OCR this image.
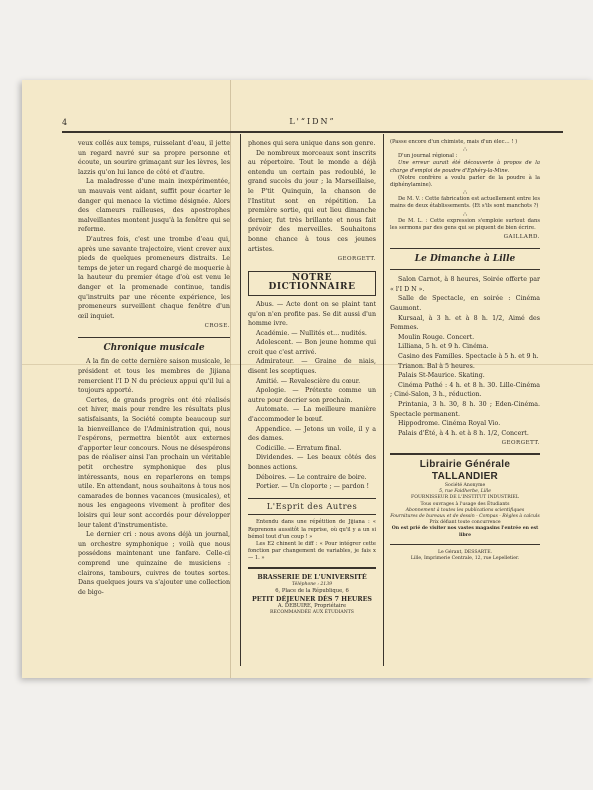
4	L'“IDN”

veux collés aux temps, ruisselant d'eau, il jette un regard navré sur sa propre personne et écoute, un sourire grimaçant sur les lèvres, les lazzis qu'on lui lance de côté et d'autre.

La maladresse d'une main inexpérimentée, un mauvais vent aidant, suffit pour écarter le danger qui menace la victime désignée. Alors des clameurs railleuses, des apostrophes malveillantes montent jusqu'à la fenêtre qui se referme.

D'autres fois, c'est une trombe d'eau qui, après une savante trajectoire, vient crever aux pieds de quelques promeneurs distraits. Le temps de jeter un regard chargé de moquerie à la hauteur du premier étage d'où est venu le danger et la promenade continue, tandis qu'instruits par une récente expérience, les promeneurs surveillent chaque fenêtre d'un œil inquiet.

CROSE.
Chronique musicale

A la fin de cette dernière saison musicale, le président et tous les membres de Jijiana remercient l'I D N du précieux appui qu'il lui a toujours apporté.

Certes, de grands progrès ont été réalisés cet hiver, mais pour rendre les résultats plus satisfaisants, la Société compte beaucoup sur la bienveillance de l'Administration qui, nous l'espérons, permettra bientôt aux externes d'apporter leur concours. Nous ne désespérons pas de réaliser ainsi l'an prochain un véritable petit orchestre symphonique des plus intéressants, nous en reparlerons en temps utile. En attendant, nous souhaitons à tous nos camarades de bonnes vacances (musicales), et nous les engageons vivement à profiter des loisirs qui leur sont accordés pour développer leur talent d'instrumentiste.

Le dernier cri : nous avons déjà un journal, un orchestre symphonique ; voilà que nous possédons maintenant une fanfare. Celle-ci comprend une quinzaine de musiciens : clairons, tambours, cuivres de toutes sortes. Dans quelques jours va s'ajouter une collection de bigo-

phones qui sera unique dans son genre.

De nombreux morceaux sont inscrits au répertoire. Tout le monde a déjà entendu un certain pas redoublé, le grand succès du jour ; la Marseillaise, le P'tit Quinquin, la chanson de l'Institut sont en répétition. La première sortie, qui eut lieu dimanche dernier, fut très brillante et nous fait prévoir des merveilles. Souhaitons bonne chance à tous ces jeunes artistes.

GEORGETT.
NOTRE DICTIONNAIRE

Abus. — Acte dont on se plaint tant qu'on n'en profite pas. Se dit aussi d'un homme ivre.

Académie. — Nullités et… nudités.

Adolescent. — Bon jeune homme qui croit que c'est arrivé.

Admirateur. — Graine de niais, disent les sceptiques.

Amitié. — Revalescière du cœur.

Apologie. — Prétexte comme un autre pour decrier son prochain.

Automate. — La meilleure manière d'accommoder le bœuf.

Appendice. — Jetons un voile, il y a des dames.

Codicille. — Erratum final.

Dividendes. — Les beaux côtés des bonnes actions.

Déboires. — Le contraire de boire.

Portier. — Un cloporte ; — pardon !

L'Esprit des Autres

Entendu dans une répétition de Jijiana : « Reprenons aussitôt la reprise, où qu'il y a un si bémol tout d'un coup ! »

Les E2 chinent le diff : « Pour intégrer cette fonction par changement de variables, je fais x — 1. »

BRASSERIE DE L'UNIVERSITÉ
Téléphone : 2139
6, Place de la République, 6
PETIT DÉJEUNER DÈS 7 HEURES
A. DEBUIRE, Propriétaire
RECOMMANDÉE AUX ÉTUDIANTS

(Passe encore d'un chimiste, mais d'un élec… ! )

∴

D'un journal régional :

Une erreur aurait été découverte à propos de la charge d'emploi de poudre d'Ephéry-la-Mine.

(Notre confrère a voulu parler de la poudre à la diphénylamine).

∴

De M. V. : Cette fabrication est actuellement entre les mains de deux établissements. (Et s'ils sont manchots ?)

∴

De M. L. : Cette expression s'emploie surtout dans les sermons par des gens qui se piquent de bien écrire.

GAILLARD.
Le Dimanche à Lille

Salon Carnot, à 8 heures, Soirée offerte par « l'I D N ».

Salle de Spectacle, en soirée : Cinéma Gaumont.

Kursaal, à 3 h. et à 8 h. 1/2, Aimé des Femmes.

Moulin Rouge. Concert.

Lilliana, 5 h. et 9 h. Cinéma.

Casino des Familles. Spectacle à 5 h. et 9 h.

Trianon. Bal à 5 heures.

Palais St-Maurice. Skating.

Cinéma Pathé : 4 h. et 8 h. 30. Lille-Cinéma ; Ciné-Salon, 3 h., réduction.

Printania, 3 h. 30, 8 h. 30 ; Eden-Cinéma. Spectacle permanent.

Hippodrome. Cinéma Royal Vio.

Palais d'Été, à 4 h. et à 8 h. 1/2, Concert.

GEORGETT.
Librairie Générale TALLANDIER
Société Anonyme
5, rue Faidherbe, Lille
FOURNISSEUR DE L'INSTITUT INDUSTRIEL
Tous ouvrages à l'usage des Étudiants
Abonnement à toutes les publications scientifiques
Fournitures de bureaux et de dessin - Compas - Règles à calculs
Prix défiant toute concurrence
On est prié de visiter nos vastes magasins l'entrée en est libre
Le Gérant, DESSARTE.
Lille, Imprimerie Centrale, 12, rue Lepelletier.
